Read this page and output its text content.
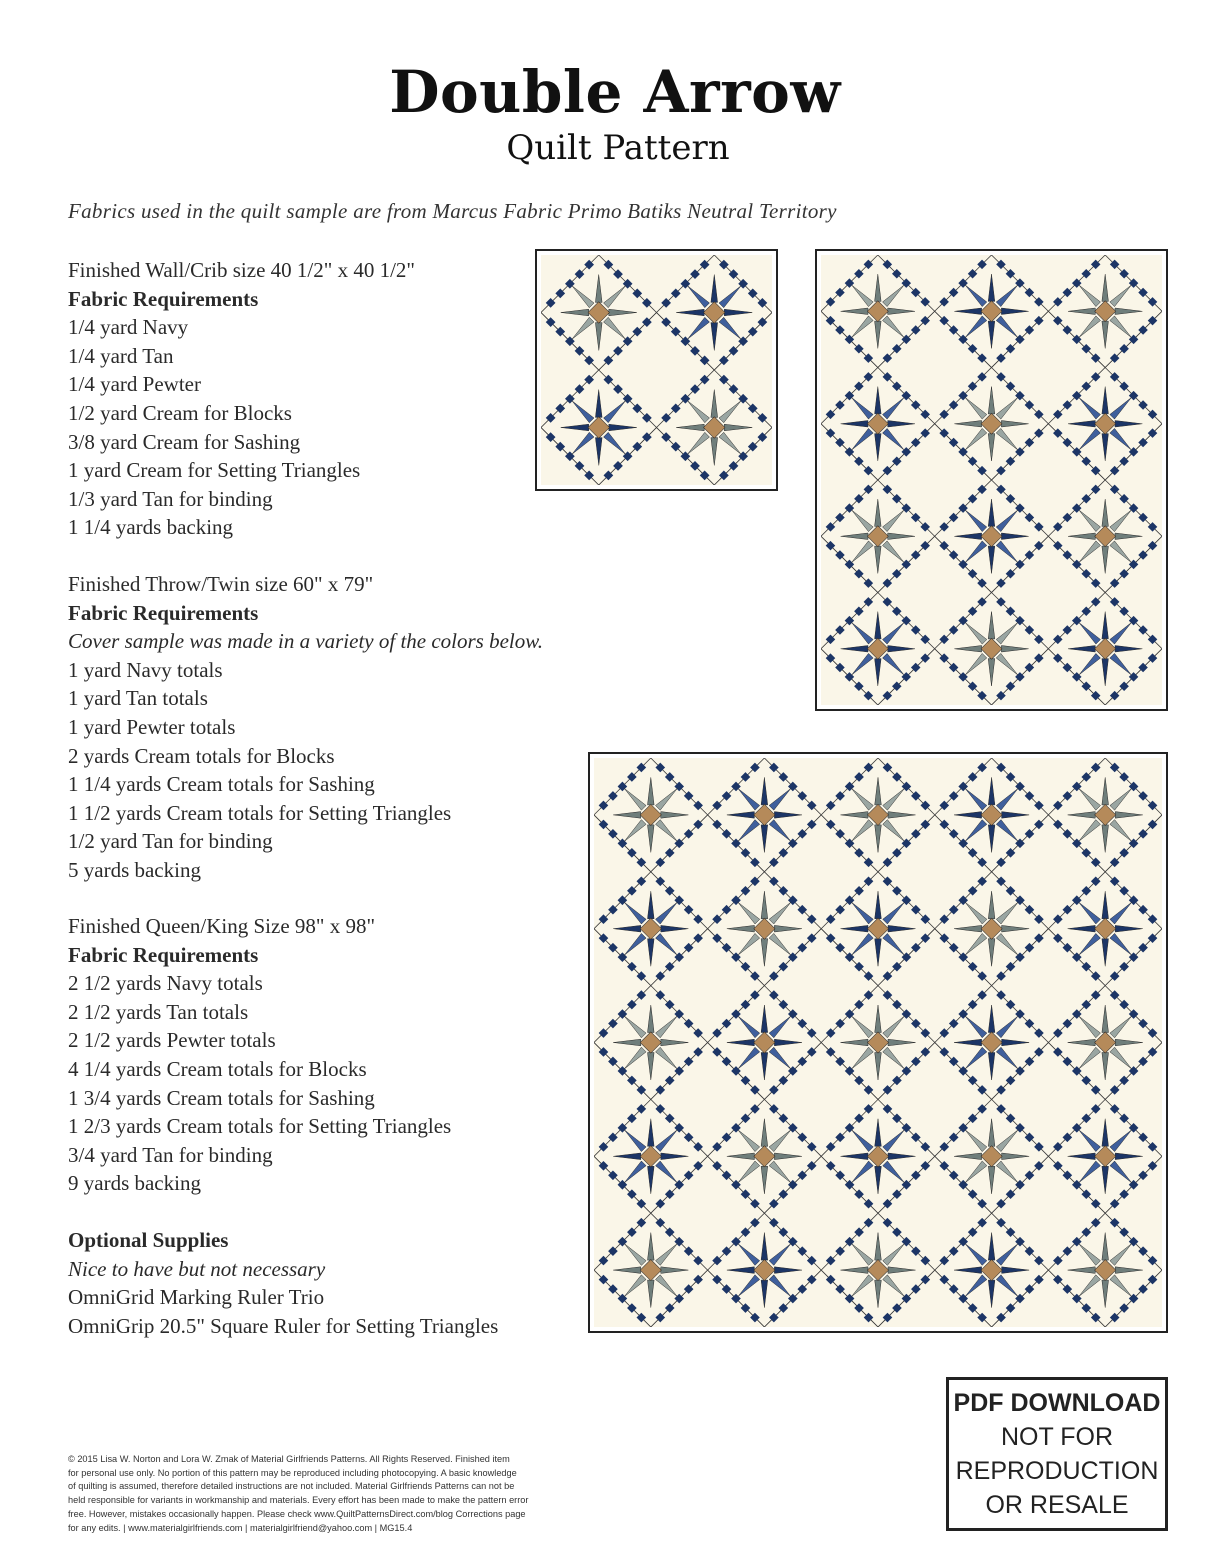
Double Arrow
Quilt Pattern
Fabrics used in the quilt sample are from Marcus Fabric Primo Batiks Neutral Territory
Finished Wall/Crib size 40 1/2" x 40 1/2"
Fabric Requirements
1/4 yard Navy
1/4 yard Tan
1/4 yard Pewter
1/2 yard Cream for Blocks
3/8 yard Cream for Sashing
1 yard Cream for Setting Triangles
1/3 yard Tan for binding
1 1/4 yards backing
Finished Throw/Twin size 60" x 79"
Fabric Requirements
Cover sample was made in a variety of the colors below.
1 yard Navy totals
1 yard Tan totals
1 yard Pewter totals
2 yards Cream totals for Blocks
1 1/4 yards Cream totals for Sashing
1 1/2 yards Cream totals for Setting Triangles
1/2 yard Tan for binding
5 yards backing
Finished Queen/King Size 98" x 98"
Fabric Requirements
2 1/2 yards Navy totals
2 1/2 yards Tan totals
2 1/2 yards Pewter totals
4 1/4 yards Cream totals for Blocks
1 3/4 yards Cream totals for Sashing
1 2/3 yards Cream totals for Setting Triangles
3/4 yard Tan for binding
9 yards backing
Optional Supplies
Nice to have but not necessary
OmniGrid Marking Ruler Trio
OmniGrip 20.5" Square Ruler for Setting Triangles
PDF DOWNLOAD
NOT FOR
REPRODUCTION
OR RESALE
© 2015 Lisa W. Norton and Lora W. Zmak of Material Girlfriends Patterns. All Rights Reserved. Finished item
for personal use only. No portion of this pattern may be reproduced including photocopying. A basic knowledge
of quilting is assumed, therefore detailed instructions are not included. Material Girlfriends Patterns can not be
held responsible for variants in workmanship and materials. Every effort has been made to make the pattern error
free. However, mistakes occasionally happen. Please check www.QuiltPatternsDirect.com/blog Corrections page
for any edits. | www.materialgirlfriends.com | materialgirlfriend@yahoo.com | MG15.4
